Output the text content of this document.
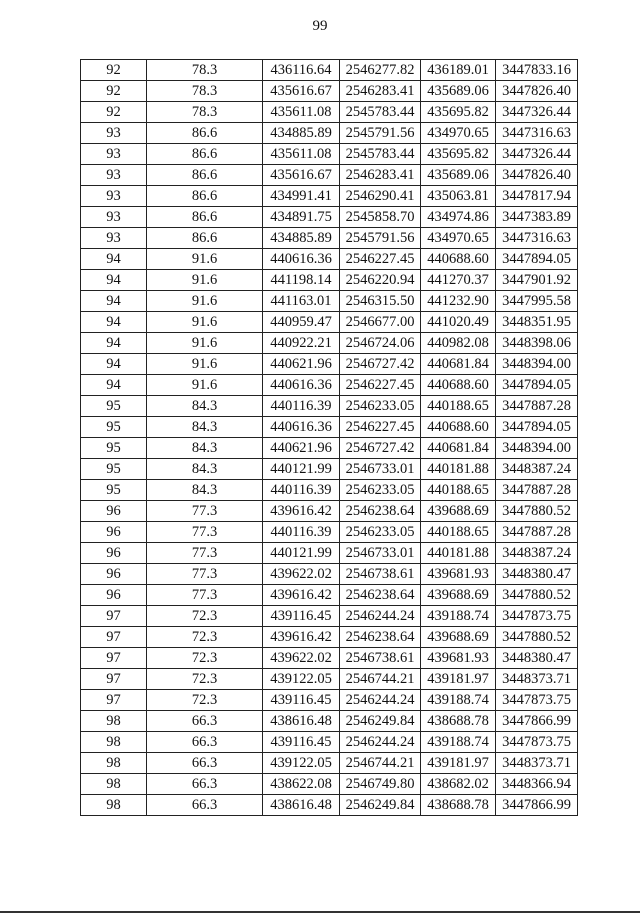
99
92	78.3	436116.64	2546277.82	436189.01	3447833.16
92	78.3	435616.67	2546283.41	435689.06	3447826.40
92	78.3	435611.08	2545783.44	435695.82	3447326.44
93	86.6	434885.89	2545791.56	434970.65	3447316.63
93	86.6	435611.08	2545783.44	435695.82	3447326.44
93	86.6	435616.67	2546283.41	435689.06	3447826.40
93	86.6	434991.41	2546290.41	435063.81	3447817.94
93	86.6	434891.75	2545858.70	434974.86	3447383.89
93	86.6	434885.89	2545791.56	434970.65	3447316.63
94	91.6	440616.36	2546227.45	440688.60	3447894.05
94	91.6	441198.14	2546220.94	441270.37	3447901.92
94	91.6	441163.01	2546315.50	441232.90	3447995.58
94	91.6	440959.47	2546677.00	441020.49	3448351.95
94	91.6	440922.21	2546724.06	440982.08	3448398.06
94	91.6	440621.96	2546727.42	440681.84	3448394.00
94	91.6	440616.36	2546227.45	440688.60	3447894.05
95	84.3	440116.39	2546233.05	440188.65	3447887.28
95	84.3	440616.36	2546227.45	440688.60	3447894.05
95	84.3	440621.96	2546727.42	440681.84	3448394.00
95	84.3	440121.99	2546733.01	440181.88	3448387.24
95	84.3	440116.39	2546233.05	440188.65	3447887.28
96	77.3	439616.42	2546238.64	439688.69	3447880.52
96	77.3	440116.39	2546233.05	440188.65	3447887.28
96	77.3	440121.99	2546733.01	440181.88	3448387.24
96	77.3	439622.02	2546738.61	439681.93	3448380.47
96	77.3	439616.42	2546238.64	439688.69	3447880.52
97	72.3	439116.45	2546244.24	439188.74	3447873.75
97	72.3	439616.42	2546238.64	439688.69	3447880.52
97	72.3	439622.02	2546738.61	439681.93	3448380.47
97	72.3	439122.05	2546744.21	439181.97	3448373.71
97	72.3	439116.45	2546244.24	439188.74	3447873.75
98	66.3	438616.48	2546249.84	438688.78	3447866.99
98	66.3	439116.45	2546244.24	439188.74	3447873.75
98	66.3	439122.05	2546744.21	439181.97	3448373.71
98	66.3	438622.08	2546749.80	438682.02	3448366.94
98	66.3	438616.48	2546249.84	438688.78	3447866.99
